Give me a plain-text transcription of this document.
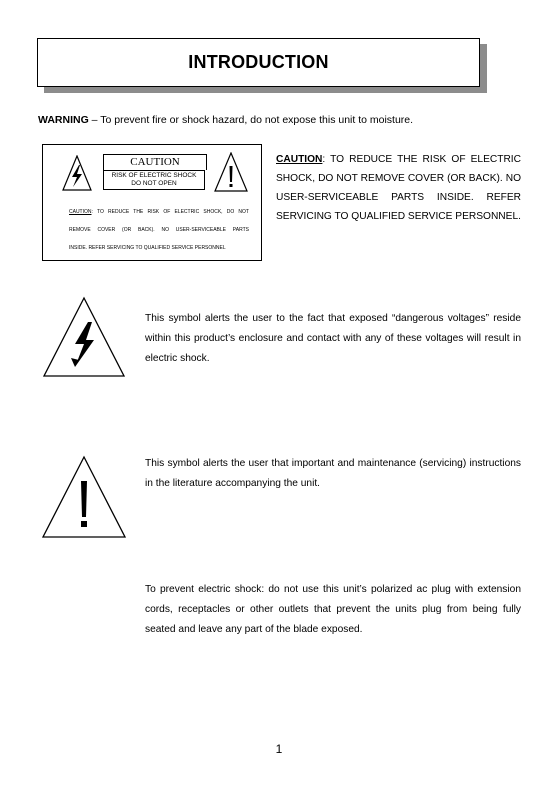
INTRODUCTION
WARNING – To prevent fire or shock hazard, do not expose this unit to moisture.
CAUTION
RISK OF ELECTRIC SHOCK
DO NOT OPEN
CAUTION: TO REDUCE THE RISK OF ELECTRIC SHOCK, DO NOT
REMOVE COVER (OR BACK). NO USER-SERVICEABLE PARTS
INSIDE. REFER SERVICING TO QUALIFIED SERVICE PERSONNEL
CAUTION: TO REDUCE THE RISK OF ELECTRIC SHOCK, DO NOT REMOVE COVER (OR BACK). NO USER-SERVICEABLE PARTS INSIDE. REFER SERVICING TO QUALIFIED SERVICE PERSONNEL.
This symbol alerts the user to the fact that exposed “dangerous voltages” reside within this product’s enclosure and contact with any of these voltages will result in electric shock.
This symbol alerts the user that important and maintenance (servicing) instructions in the literature accompanying the unit.
To prevent electric shock: do not use this unit’s polarized ac plug with extension cords, receptacles or other outlets that prevent the units plug from being fully seated and leave any part of the blade exposed.
1
